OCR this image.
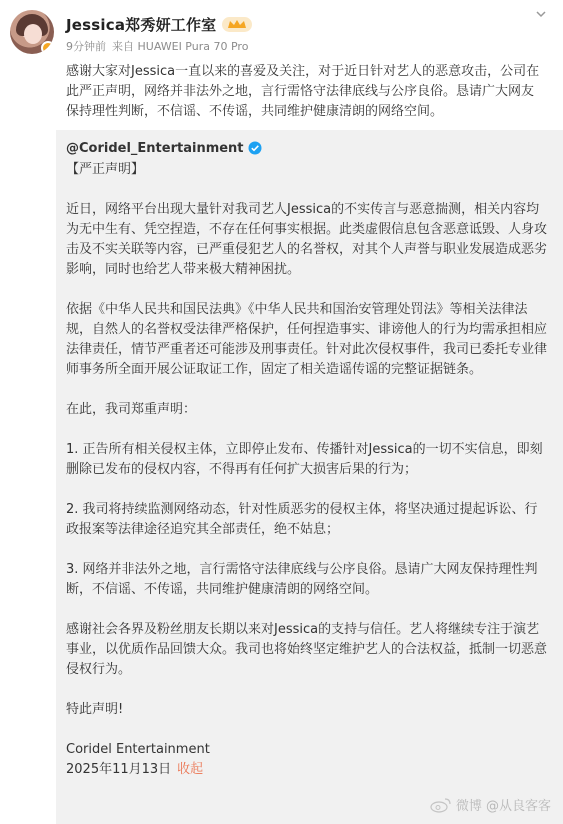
Jessica郑秀妍工作室
9分钟前 来自 HUAWEI Pura 70 Pro
感谢大家对Jessica一直以来的喜爱及关注，对于近日针对艺人的恶意攻击，公司在此严正声明，网络并非法外之地，言行需恪守法律底线与公序良俗。恳请广大网友保持理性判断，不信谣、不传谣，共同维护健康清朗的网络空间。
@Coridel_Entertainment
【严正声明】
近日，网络平台出现大量针对我司艺人Jessica的不实传言与恶意揣测，相关内容均为无中生有、凭空捏造，不存在任何事实根据。此类虚假信息包含恶意诋毁、人身攻击及不实关联等内容，已严重侵犯艺人的名誉权，对其个人声誉与职业发展造成恶劣影响，同时也给艺人带来极大精神困扰。
依据《中华人民共和国民法典》《中华人民共和国治安管理处罚法》等相关法律法规，自然人的名誉权受法律严格保护，任何捏造事实、诽谤他人的行为均需承担相应法律责任，情节严重者还可能涉及刑事责任。针对此次侵权事件，我司已委托专业律师事务所全面开展公证取证工作，固定了相关造谣传谣的完整证据链条。
在此，我司郑重声明：
1. 正告所有相关侵权主体，立即停止发布、传播针对Jessica的一切不实信息，即刻删除已发布的侵权内容，不得再有任何扩大损害后果的行为；
2. 我司将持续监测网络动态，针对性质恶劣的侵权主体，将坚决通过提起诉讼、行政报案等法律途径追究其全部责任，绝不姑息；
3. 网络并非法外之地，言行需恪守法律底线与公序良俗。恳请广大网友保持理性判断，不信谣、不传谣，共同维护健康清朗的网络空间。
感谢社会各界及粉丝朋友长期以来对Jessica的支持与信任。艺人将继续专注于演艺事业，以优质作品回馈大众。我司也将始终坚定维护艺人的合法权益，抵制一切恶意侵权行为。
特此声明!
Coridel Entertainment
2025年11月13日 收起
微博 @从良客客
